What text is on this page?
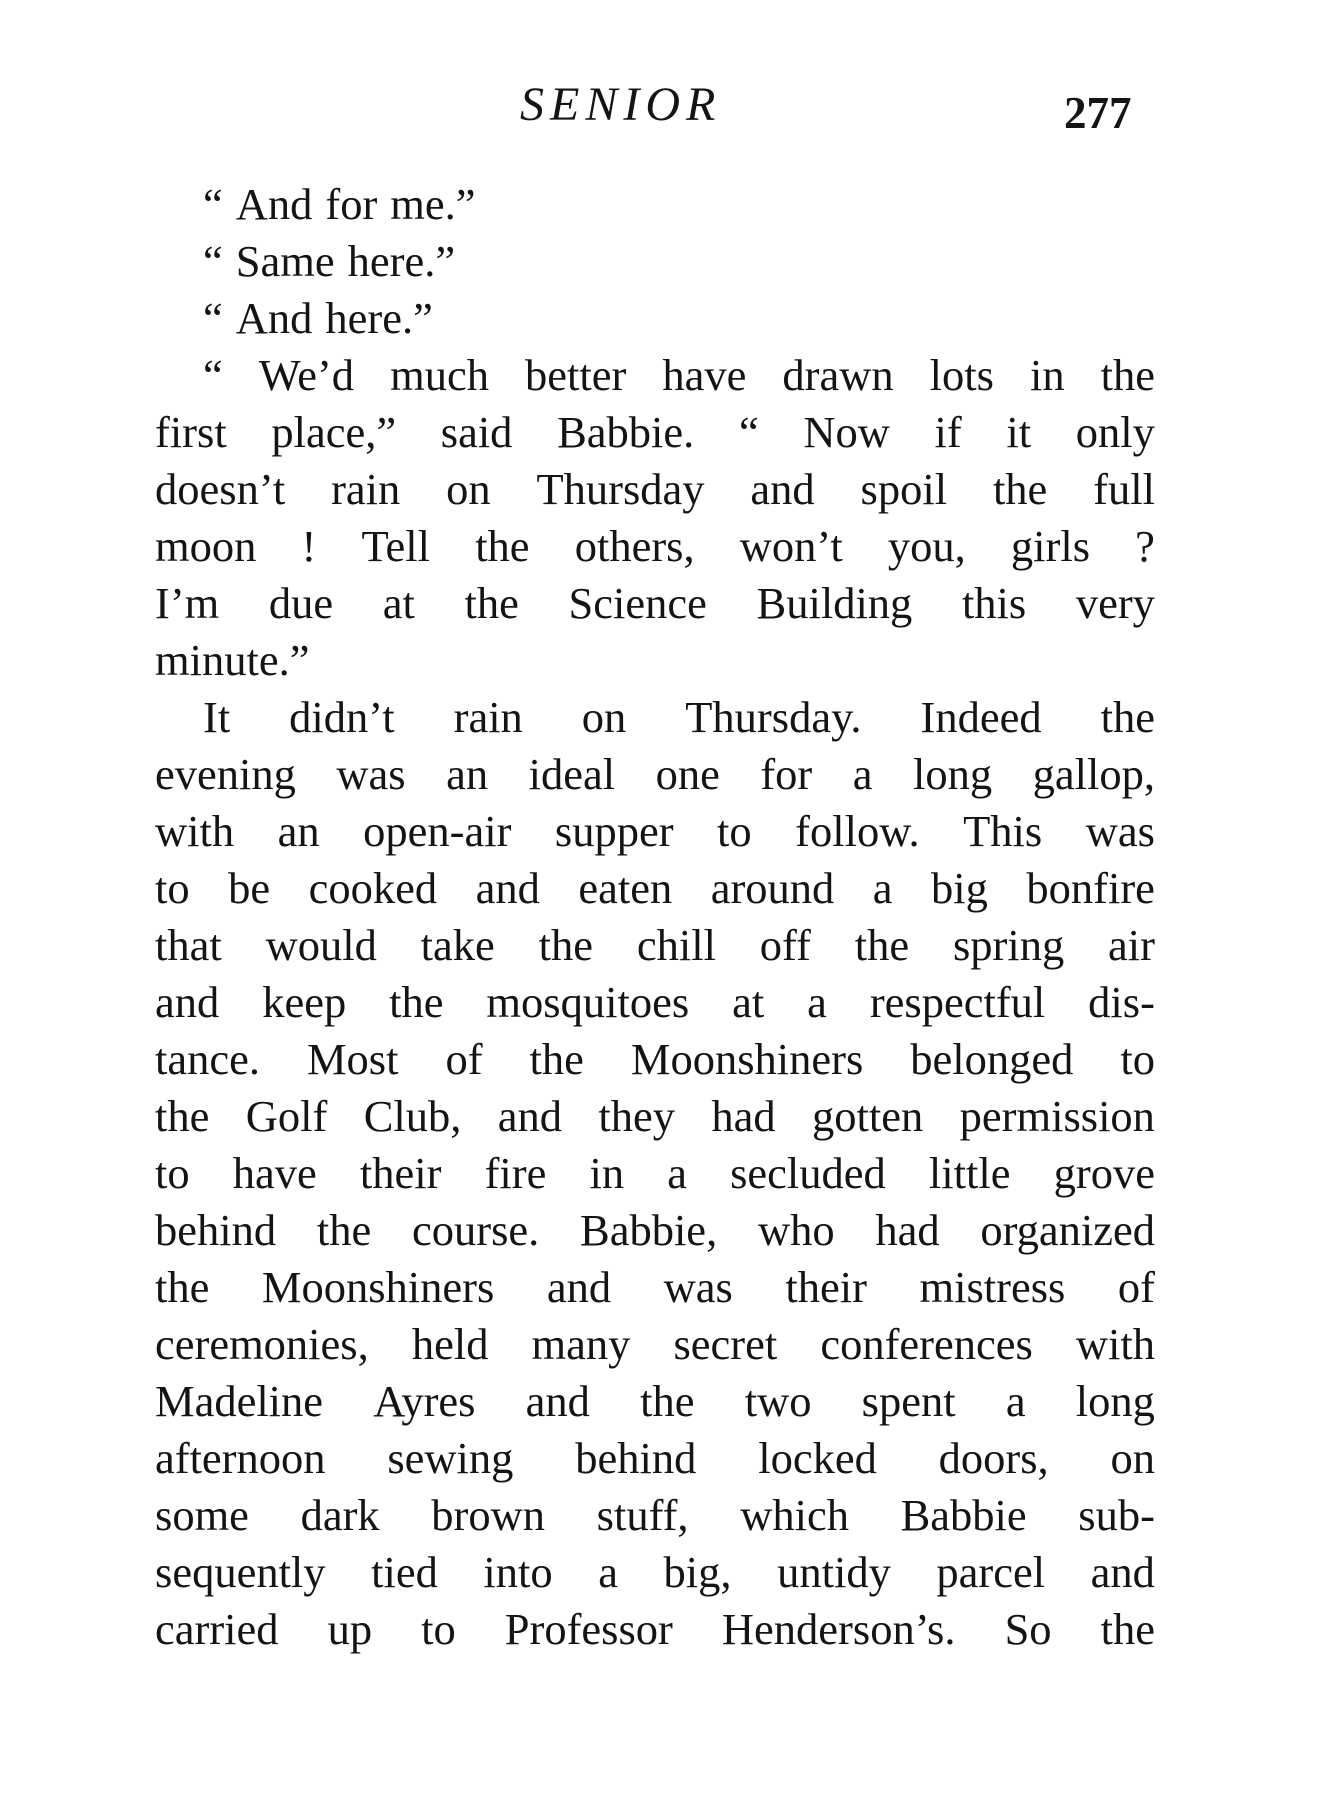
SENIOR	277
“ And for me.”
“ Same here.”
“ And here.”
“ We’d much better have drawn lots in the
first place,” said Babbie. “ Now if it only
doesn’t rain on Thursday and spoil the full
moon ! Tell the others, won’t you, girls ?
I’m due at the Science Building this very
minute.”
It didn’t rain on Thursday. Indeed the
evening was an ideal one for a long gallop,
with an open-air supper to follow. This was
to be cooked and eaten around a big bonfire
that would take the chill off the spring air
and keep the mosquitoes at a respectful dis-
tance. Most of the Moonshiners belonged to
the Golf Club, and they had gotten permission
to have their fire in a secluded little grove
behind the course. Babbie, who had organized
the Moonshiners and was their mistress of
ceremonies, held many secret conferences with
Madeline Ayres and the two spent a long
afternoon sewing behind locked doors, on
some dark brown stuff, which Babbie sub-
sequently tied into a big, untidy parcel and
carried up to Professor Henderson’s. So the
